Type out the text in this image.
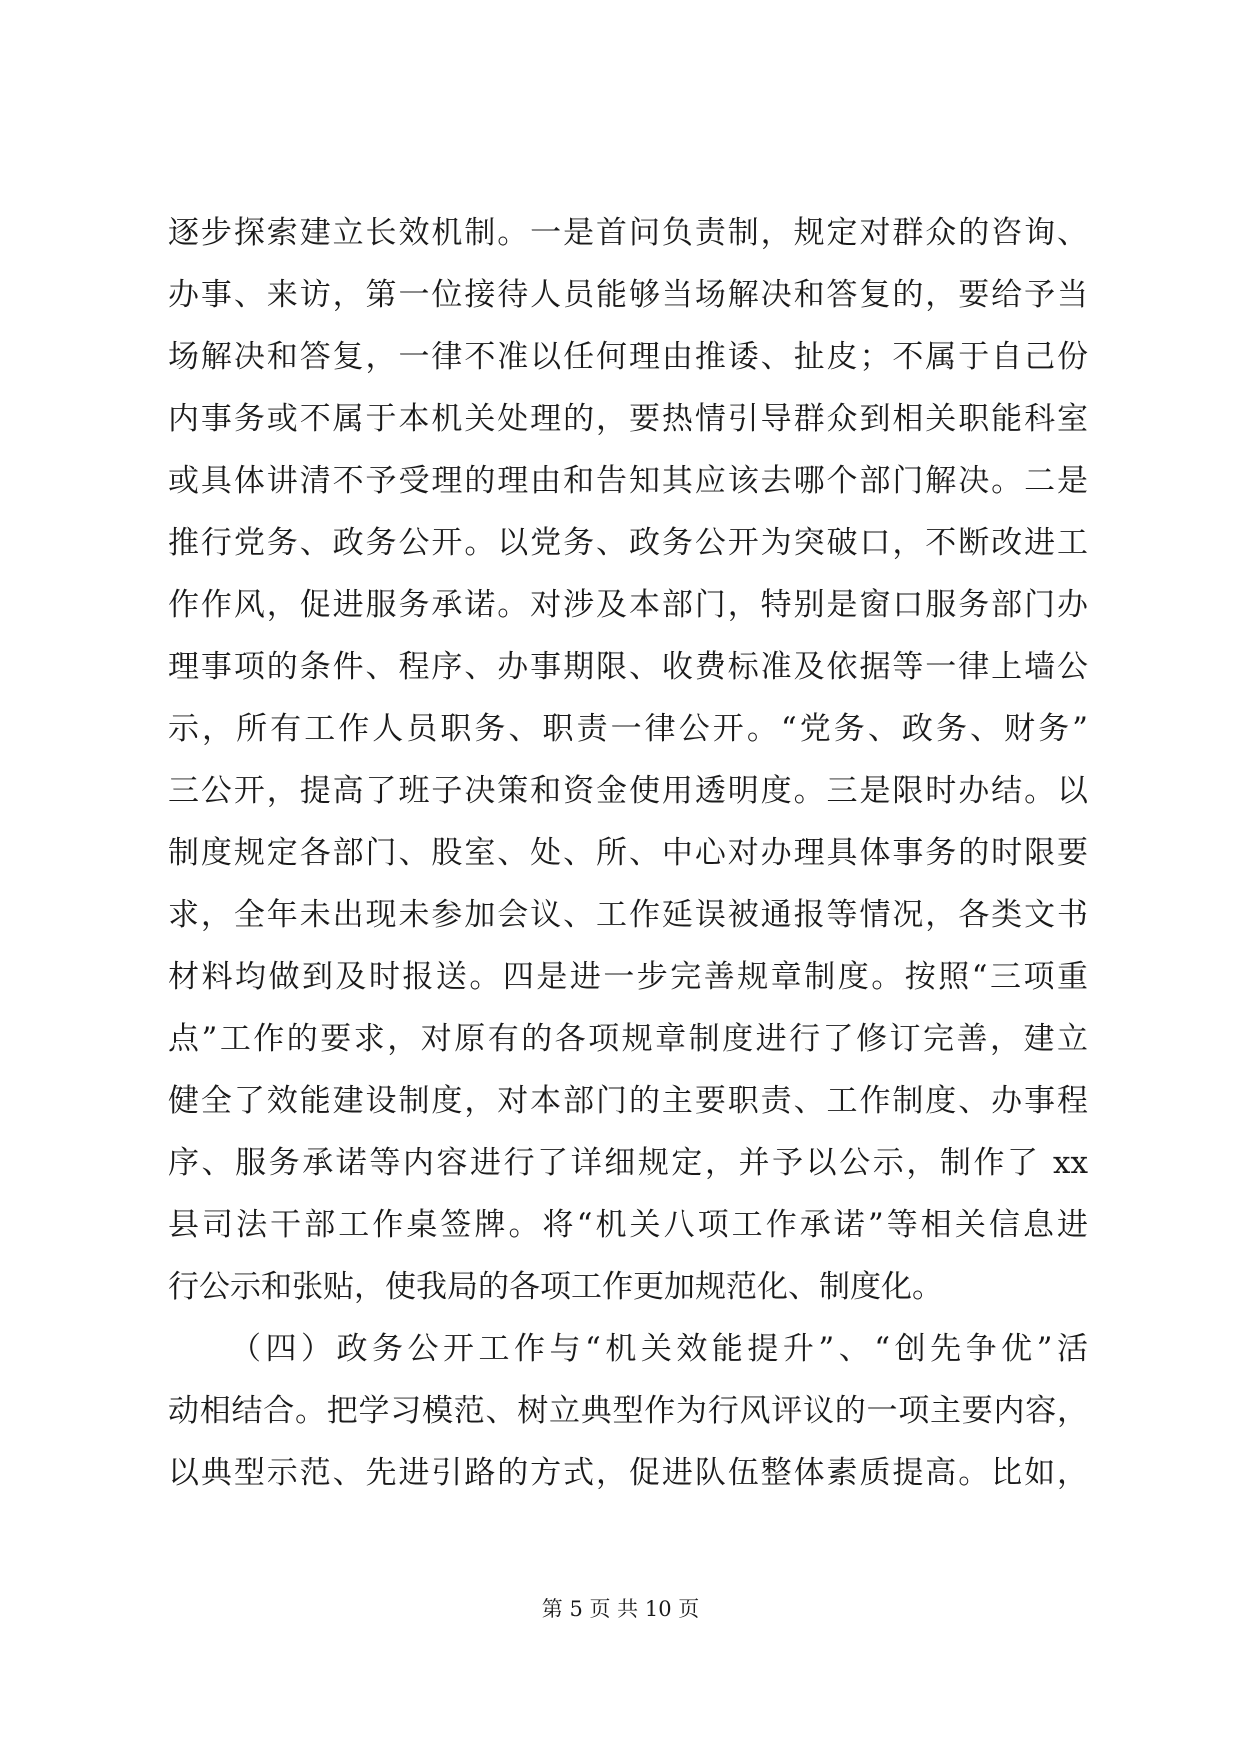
逐步探索建立长效机制。一是首问负责制，规定对群众的咨询、
办事、来访，第一位接待人员能够当场解决和答复的，要给予当
场解决和答复，一律不准以任何理由推诿、扯皮；不属于自己份
内事务或不属于本机关处理的，要热情引导群众到相关职能科室
或具体讲清不予受理的理由和告知其应该去哪个部门解决。二是
推行党务、政务公开。以党务、政务公开为突破口，不断改进工
作作风，促进服务承诺。对涉及本部门，特别是窗口服务部门办
理事项的条件、程序、办事期限、收费标准及依据等一律上墙公
示，所有工作人员职务、职责一律公开。“党务、政务、财务”
三公开，提高了班子决策和资金使用透明度。三是限时办结。以
制度规定各部门、股室、处、所、中心对办理具体事务的时限要
求，全年未出现未参加会议、工作延误被通报等情况，各类文书
材料均做到及时报送。四是进一步完善规章制度。按照“三项重
点”工作的要求，对原有的各项规章制度进行了修订完善，建立
健全了效能建设制度，对本部门的主要职责、工作制度、办事程
序、服务承诺等内容进行了详细规定，并予以公示，制作了 xx
县司法干部工作桌签牌。将“机关八项工作承诺”等相关信息进
行公示和张贴，使我局的各项工作更加规范化、制度化。
（四）政务公开工作与“机关效能提升”、“创先争优”活
动相结合。把学习模范、树立典型作为行风评议的一项主要内容，
以典型示范、先进引路的方式，促进队伍整体素质提高。比如，
第 5 页 共 10 页
